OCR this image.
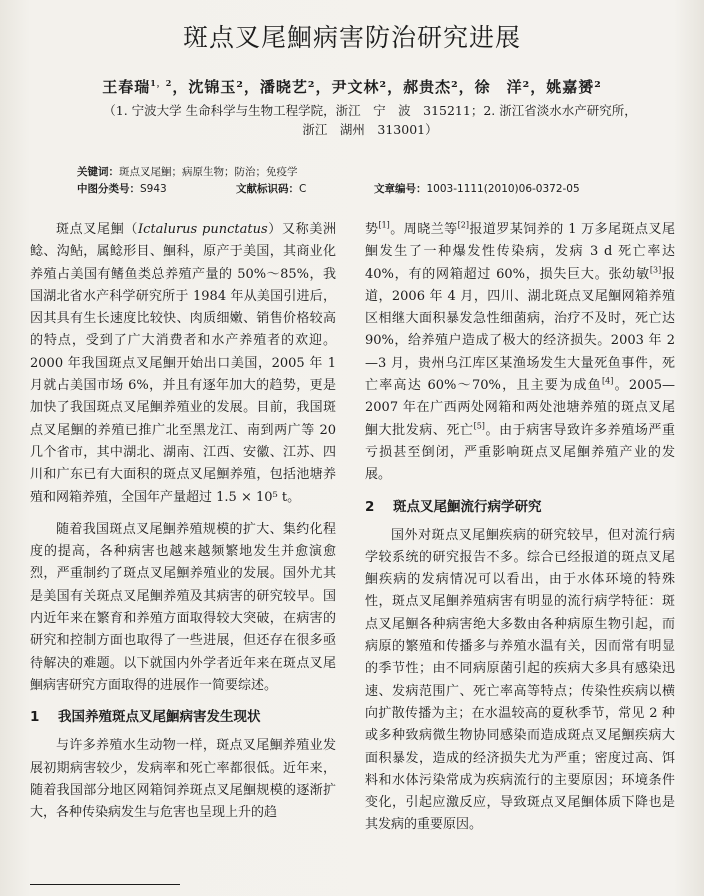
斑点叉尾鮰病害防治研究进展
王春瑞$^{1,2}$，沈锦玉²，潘晓艺²，尹文林²，郝贵杰²，徐　洋²，姚嘉赟²
（1. 宁波大学 生命科学与生物工程学院，浙江　宁　波　315211；2. 浙江省淡水水产研究所，
浙江　湖州　313001）
关键词：斑点叉尾鮰；病原生物；防治；免疫学
中图分类号：S943	文献标识码：C	文章编号：1003-1111(2010)06-0372-05

斑点叉尾鮰（Ictalurus punctatus）又称美洲鲶、沟鲇，属鲶形目、鮰科，原产于美国，其商业化养殖占美国有鳍鱼类总养殖产量的 50%～85%，我国湖北省水产科学研究所于 1984 年从美国引进后，因其具有生长速度比较快、肉质细嫩、销售价格较高的特点，受到了广大消费者和水产养殖者的欢迎。2000 年我国斑点叉尾鮰开始出口美国，2005 年 1 月就占美国市场 6%，并且有逐年加大的趋势，更是加快了我国斑点叉尾鮰养殖业的发展。目前，我国斑点叉尾鮰的养殖已推广北至黑龙江、南到两广等 20 几个省市，其中湖北、湖南、江西、安徽、江苏、四川和广东已有大面积的斑点叉尾鮰养殖，包括池塘养殖和网箱养殖，全国年产量超过 1.5 × 10⁵ t。

随着我国斑点叉尾鮰养殖规模的扩大、集约化程度的提高，各种病害也越来越频繁地发生并愈演愈烈，严重制约了斑点叉尾鮰养殖业的发展。国外尤其是美国有关斑点叉尾鮰养殖及其病害的研究较早。国内近年来在繁育和养殖方面取得较大突破，在病害的研究和控制方面也取得了一些进展，但还存在很多亟待解决的难题。以下就国内外学者近年来在斑点叉尾鮰病害研究方面取得的进展作一简要综述。

1 我国养殖斑点叉尾鮰病害发生现状

与许多养殖水生动物一样，斑点叉尾鮰养殖业发展初期病害较少，发病率和死亡率都很低。近年来，随着我国部分地区网箱饲养斑点叉尾鮰规模的逐渐扩大，各种传染病发生与危害也呈现上升的趋

势[1]。周晓兰等[2]报道罗某饲养的 1 万多尾斑点叉尾鮰发生了一种爆发性传染病，发病 3 d 死亡率达 40%，有的网箱超过 60%，损失巨大。张幼敏[3]报道，2006 年 4 月，四川、湖北斑点叉尾鮰网箱养殖区相继大面积暴发急性细菌病，治疗不及时，死亡达 90%，给养殖户造成了极大的经济损失。2003 年 2—3 月，贵州乌江库区某渔场发生大量死鱼事件，死亡率高达 60%～70%，且主要为成鱼[4]。2005—2007 年在广西两处网箱和两处池塘养殖的斑点叉尾鮰大批发病、死亡[5]。由于病害导致许多养殖场严重亏损甚至倒闭，严重影响斑点叉尾鮰养殖产业的发展。

2 斑点叉尾鮰流行病学研究

国外对斑点叉尾鮰疾病的研究较早，但对流行病学较系统的研究报告不多。综合已经报道的斑点叉尾鮰疾病的发病情况可以看出，由于水体环境的特殊性，斑点叉尾鮰养殖病害有明显的流行病学特征：斑点叉尾鮰各种病害绝大多数由各种病原生物引起，而病原的繁殖和传播多与养殖水温有关，因而常有明显的季节性；由不同病原菌引起的疾病大多具有感染迅速、发病范围广、死亡率高等特点；传染性疾病以横向扩散传播为主；在水温较高的夏秋季节，常见 2 种或多种致病微生物协同感染而造成斑点叉尾鮰疾病大面积暴发，造成的经济损失尤为严重；密度过高、饵料和水体污染常成为疾病流行的主要原因；环境条件变化，引起应激反应，导致斑点叉尾鮰体质下降也是其发病的重要原因。
